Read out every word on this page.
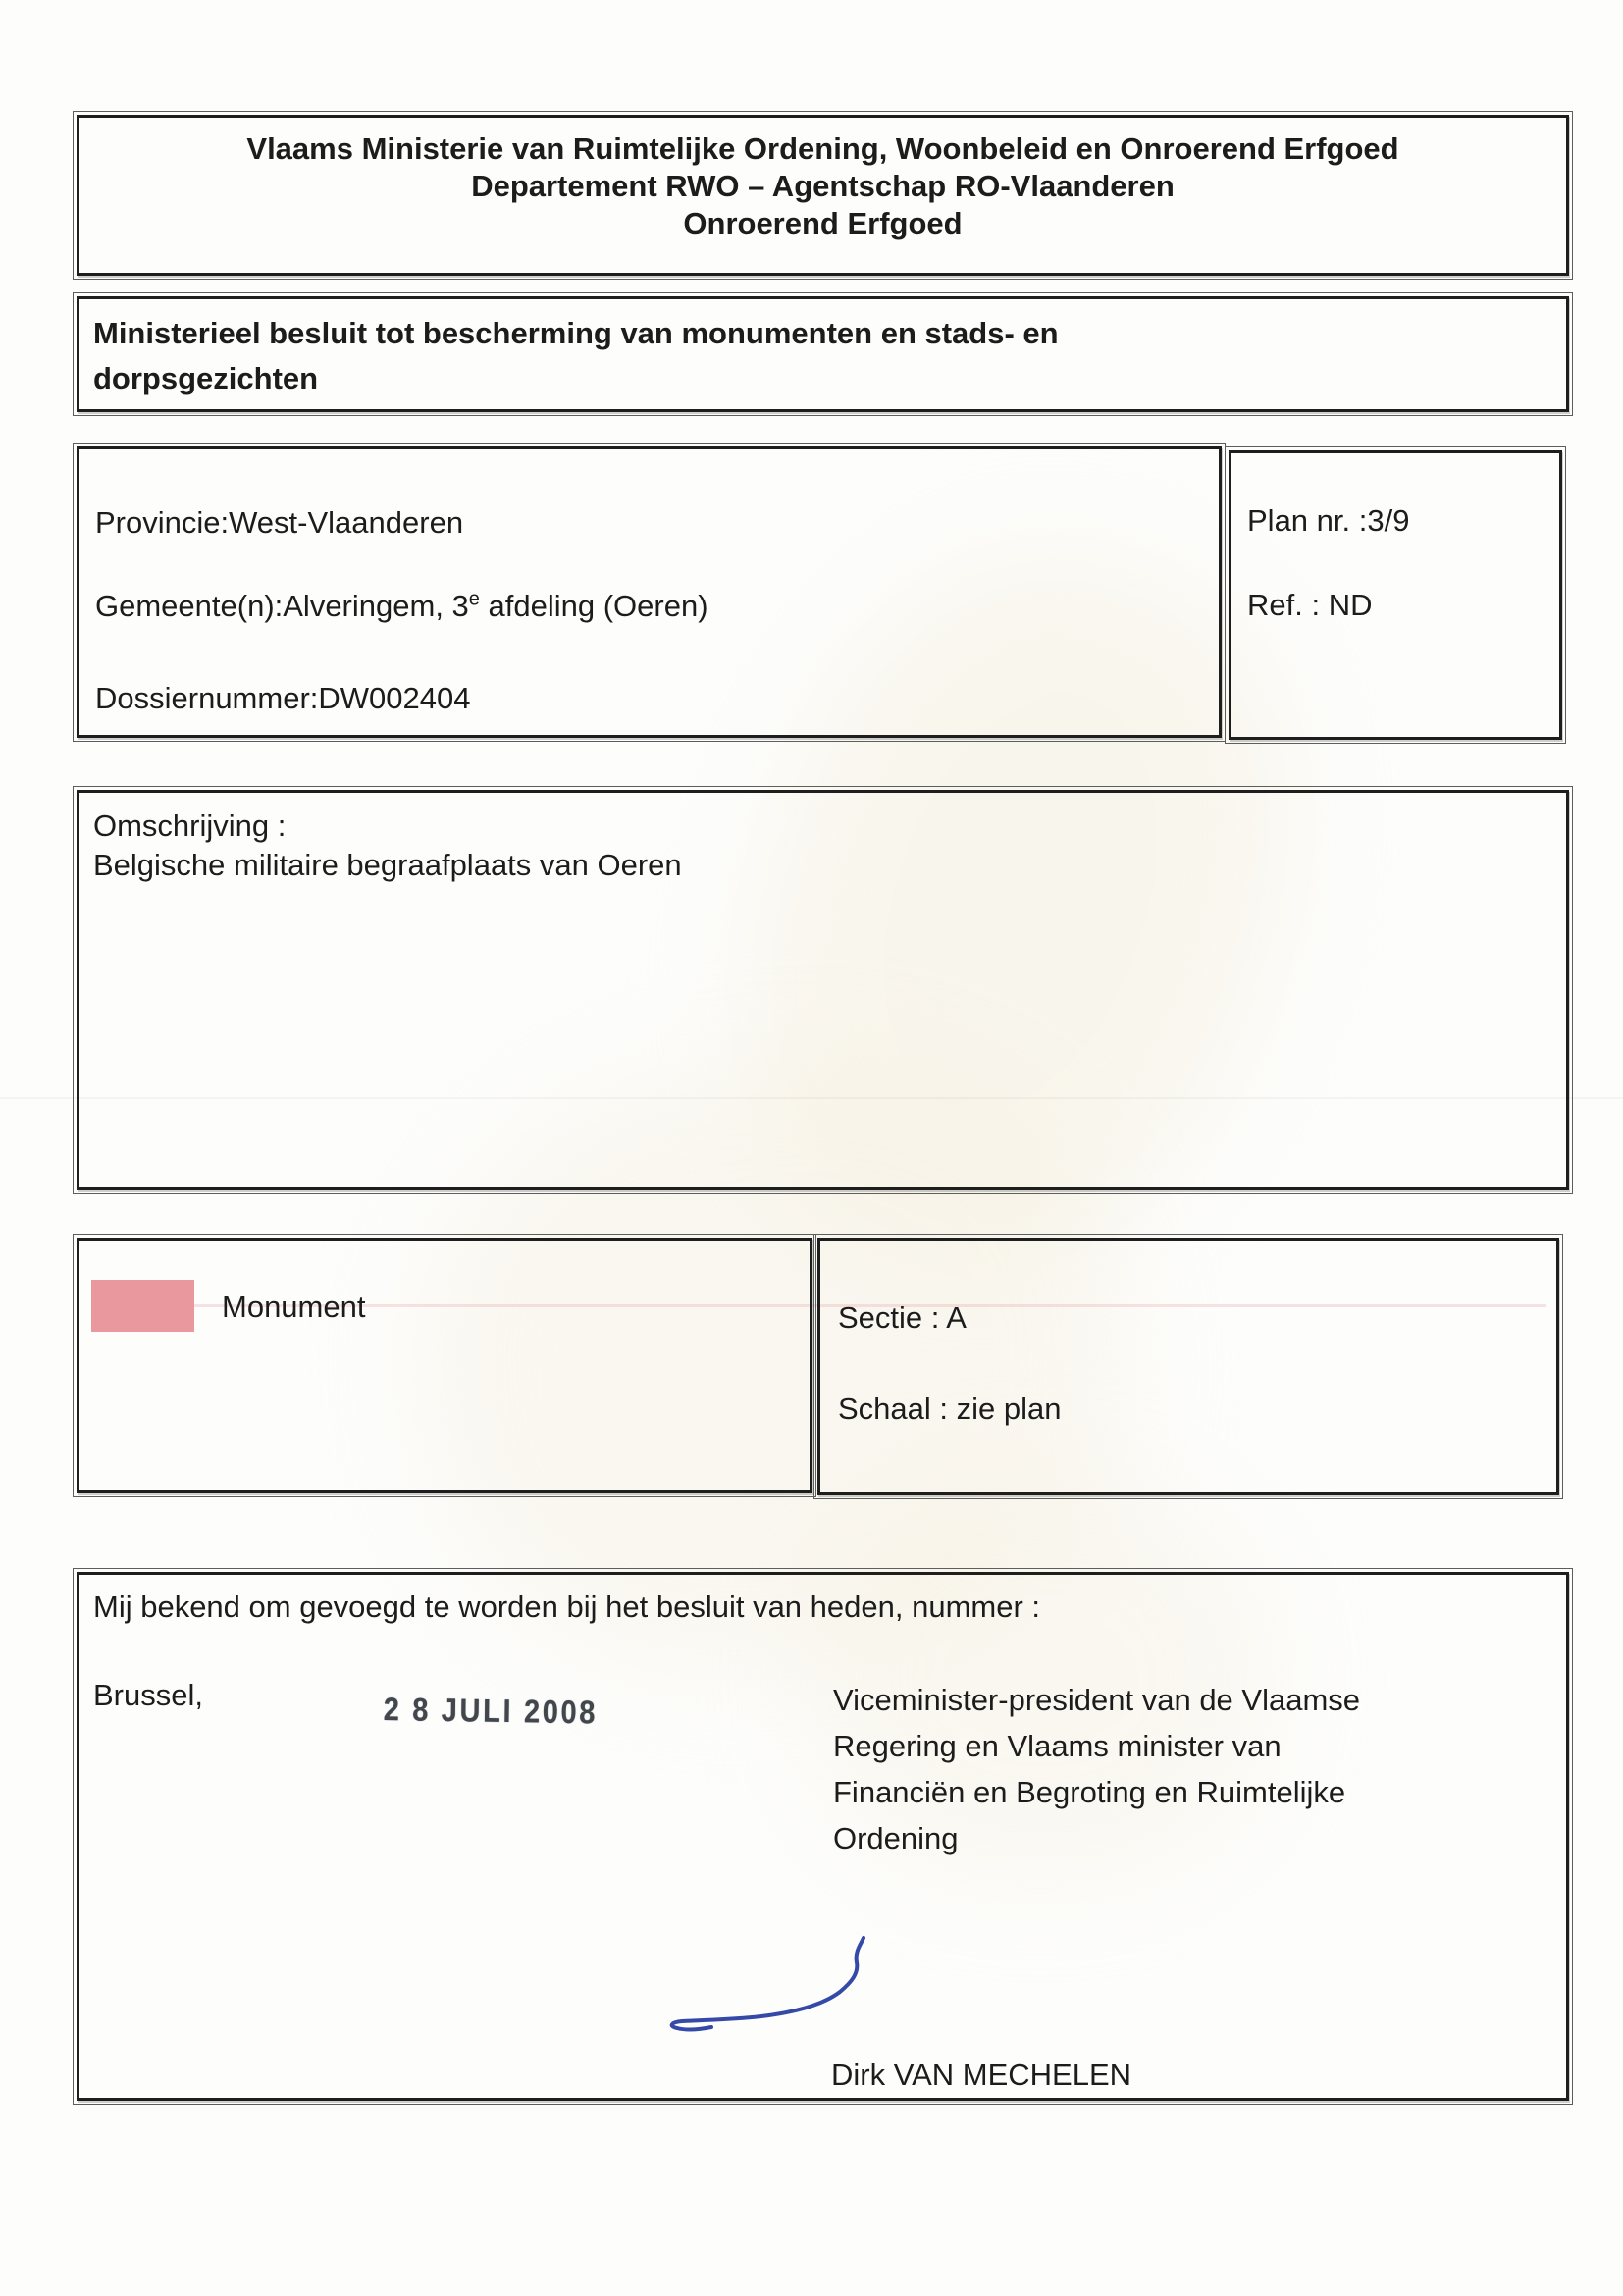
Vlaams Ministerie van Ruimtelijke Ordening, Woonbeleid en Onroerend Erfgoed
Departement RWO – Agentschap RO-Vlaanderen
Onroerend Erfgoed
Ministerieel besluit tot bescherming van monumenten en stads- en
dorpsgezichten
Provincie:West-Vlaanderen
Gemeente(n):Alveringem, 3e afdeling (Oeren)
Dossiernummer:DW002404
Plan nr. :3/9
Ref. : ND
Omschrijving :
Belgische militaire begraafplaats van Oeren
Monument	Sectie : A
Schaal : zie plan
Mij bekend om gevoegd te worden bij het besluit van heden, nummer :
Brussel,	2 8 JULI 2008	Viceminister-president van de Vlaamse
Regering en Vlaams minister van
Financiën en Begroting en Ruimtelijke
Ordening
Dirk VAN MECHELEN
